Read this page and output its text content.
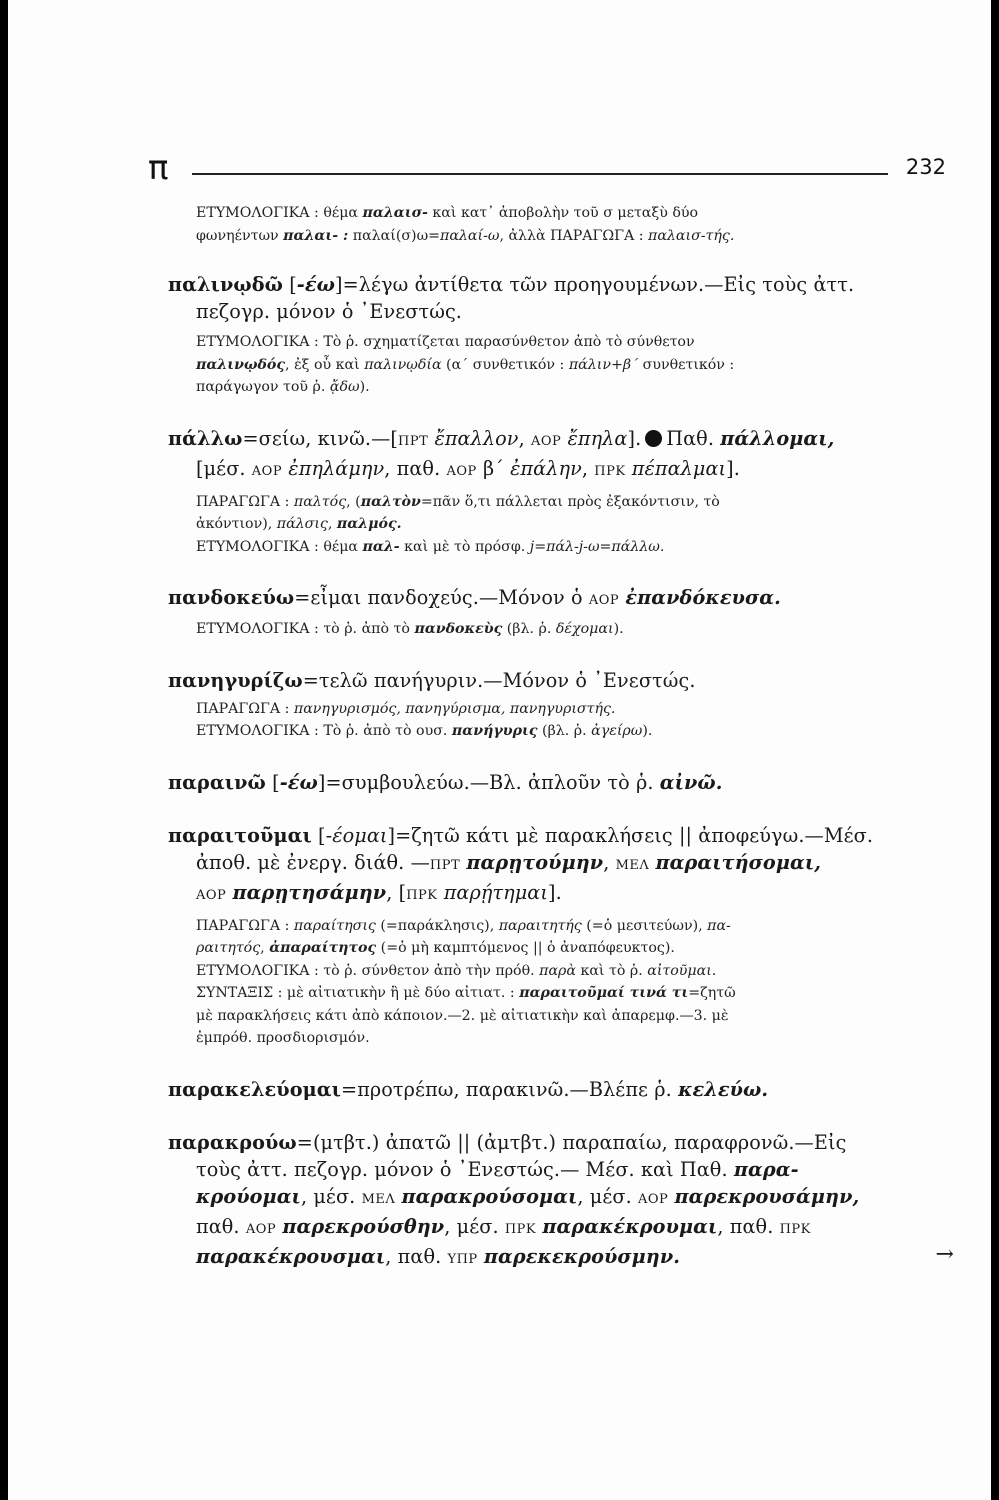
π	232
ΕΤΥΜΟΛΟΓΙΚΑ : θέμα παλαισ- καὶ κατ᾿ ἀποβολὴν τοῦ σ μεταξὺ δύο
φωνηέντων παλαι- : παλαί(σ)ω=παλαί-ω, ἀλλὰ ΠΑΡΑΓΩΓΑ : παλαισ-τής.
παλινῳδῶ [-έω]=λέγω ἀντίθετα τῶν προηγουμένων.—Εἰς τοὺς ἀττ.
πεζογρ. μόνον ὁ ᾿Ενεστώς.
ΕΤΥΜΟΛΟΓΙΚΑ : Τὸ ῥ. σχηματίζεται παρασύνθετον ἀπὸ τὸ σύνθετον
παλινῳδός, ἐξ οὗ καὶ παλινῳδία (α΄ συνθετικόν : πάλιν+β΄ συνθετικόν :
παράγωγον τοῦ ῥ. ᾄδω).
πάλλω=σείω, κινῶ.—[ΠΡΤ ἔπαλλον, ΑΟΡ ἔπηλα]. Παθ. πάλλομαι,
[μέσ. ΑΟΡ ἐπηλάμην, παθ. ΑΟΡ β΄ ἐπάλην, ΠΡΚ πέπαλμαι].
ΠΑΡΑΓΩΓΑ : παλτός, (παλτὸν=πᾶν ὅ,τι πάλλεται πρὸς ἐξακόντισιν, τὸ
ἀκόντιον), πάλσις, παλμός.
ΕΤΥΜΟΛΟΓΙΚΑ : θέμα παλ- καὶ μὲ τὸ πρόσφ. j=πάλ-j-ω=πάλλω.
πανδοκεύω=εἶμαι πανδοχεύς.—Μόνον ὁ ΑΟΡ ἐπανδόκευσα.
ΕΤΥΜΟΛΟΓΙΚΑ : τὸ ῥ. ἀπὸ τὸ πανδοκεὺς (βλ. ῥ. δέχομαι).
πανηγυρίζω=τελῶ πανήγυριν.—Μόνον ὁ ᾿Ενεστώς.
ΠΑΡΑΓΩΓΑ : πανηγυρισμός, πανηγύρισμα, πανηγυριστής.
ΕΤΥΜΟΛΟΓΙΚΑ : Τὸ ῥ. ἀπὸ τὸ ουσ. πανήγυρις (βλ. ῥ. ἀγείρω).
παραινῶ [-έω]=συμβουλεύω.—Βλ. ἀπλοῦν τὸ ῥ. αἰνῶ.
παραιτοῦμαι [-έομαι]=ζητῶ κάτι μὲ παρακλήσεις || ἀποφεύγω.—Μέσ.
ἀποθ. μὲ ἐνεργ. διάθ. —ΠΡΤ παρῃτούμην, ΜΕΛ παραιτήσομαι,
ΑΟΡ παρῃτησάμην, [ΠΡΚ παρῄτημαι].
ΠΑΡΑΓΩΓΑ : παραίτησις (=παράκλησις), παραιτητής (=ὁ μεσιτεύων), πα-
ραιτητός, ἀπαραίτητος (=ὁ μὴ καμπτόμενος || ὁ ἀναπόφευκτος).
ΕΤΥΜΟΛΟΓΙΚΑ : τὸ ῥ. σύνθετον ἀπὸ τὴν πρόθ. παρὰ καὶ τὸ ῥ. αἰτοῦμαι.
ΣΥΝΤΑΞΙΣ : μὲ αἰτιατικὴν ἢ μὲ δύο αἰτιατ. : παραιτοῦμαί τινά τι=ζητῶ
μὲ παρακλήσεις κάτι ἀπὸ κάποιον.—2. μὲ αἰτιατικὴν καὶ ἀπαρεμφ.—3. μὲ
ἐμπρόθ. προσδιορισμόν.
παρακελεύομαι=προτρέπω, παρακινῶ.—Βλέπε ῥ. κελεύω.
παρακρούω=(μτβτ.) ἀπατῶ || (ἀμτβτ.) παραπαίω, παραφρονῶ.—Εἰς
τοὺς ἀττ. πεζογρ. μόνον ὁ ᾿Ενεστώς.— Μέσ. καὶ Παθ. παρα-
κρούομαι, μέσ. ΜΕΛ παρακρούσομαι, μέσ. ΑΟΡ παρεκρουσάμην,
παθ. ΑΟΡ παρεκρούσθην, μέσ. ΠΡΚ παρακέκρουμαι, παθ. ΠΡΚ
παρακέκρουσμαι, παθ. ΥΠΡ παρεκεκρούσμην.	→
